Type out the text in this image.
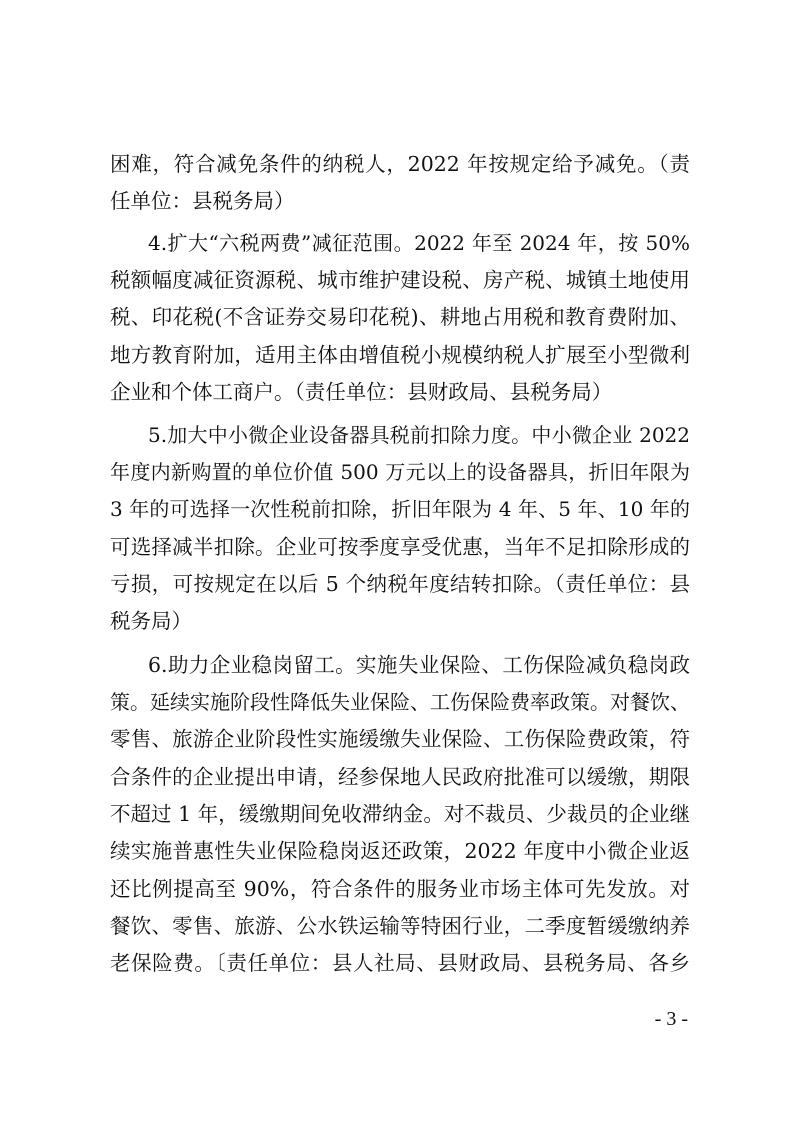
困难，符合减免条件的纳税人，2022 年按规定给予减免。（责
任单位：县税务局）
4.扩大“六税两费”减征范围。2022 年至 2024 年，按 50%
税额幅度减征资源税、城市维护建设税、房产税、城镇土地使用
税、印花税(不含证券交易印花税)、耕地占用税和教育费附加、
地方教育附加，适用主体由增值税小规模纳税人扩展至小型微利
企业和个体工商户。（责任单位：县财政局、县税务局）
5.加大中小微企业设备器具税前扣除力度。中小微企业 2022
年度内新购置的单位价值 500 万元以上的设备器具，折旧年限为
3 年的可选择一次性税前扣除，折旧年限为 4 年、5 年、10 年的
可选择减半扣除。企业可按季度享受优惠，当年不足扣除形成的
亏损，可按规定在以后 5 个纳税年度结转扣除。（责任单位：县
税务局）
6.助力企业稳岗留工。实施失业保险、工伤保险减负稳岗政
策。延续实施阶段性降低失业保险、工伤保险费率政策。对餐饮、
零售、旅游企业阶段性实施缓缴失业保险、工伤保险费政策，符
合条件的企业提出申请，经参保地人民政府批准可以缓缴，期限
不超过 1 年，缓缴期间免收滞纳金。对不裁员、少裁员的企业继
续实施普惠性失业保险稳岗返还政策，2022 年度中小微企业返
还比例提高至 90%，符合条件的服务业市场主体可先发放。对
餐饮、零售、旅游、公水铁运输等特困行业，二季度暂缓缴纳养
老保险费。〔责任单位：县人社局、县财政局、县税务局、各乡
- 3 -
